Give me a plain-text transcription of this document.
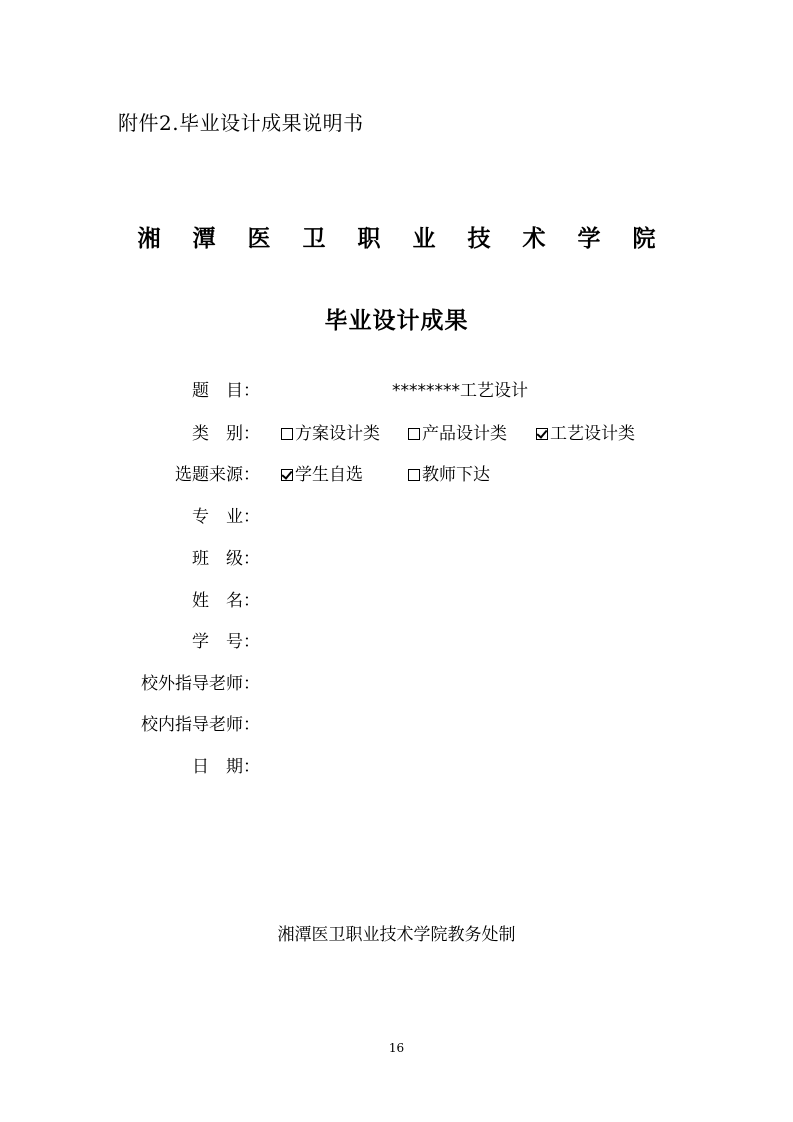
附件2.毕业设计成果说明书
湘 潭 医 卫 职 业 技 术 学 院
毕业设计成果
题　目：	********工艺设计
类　别： 方案设计类 产品设计类	工艺设计类
选题来源： 学生自选	教师下达
专　业：
班　级：
姓　名：
学　号：
校外指导老师：
校内指导老师：
日　期：
湘潭医卫职业技术学院教务处制
16
